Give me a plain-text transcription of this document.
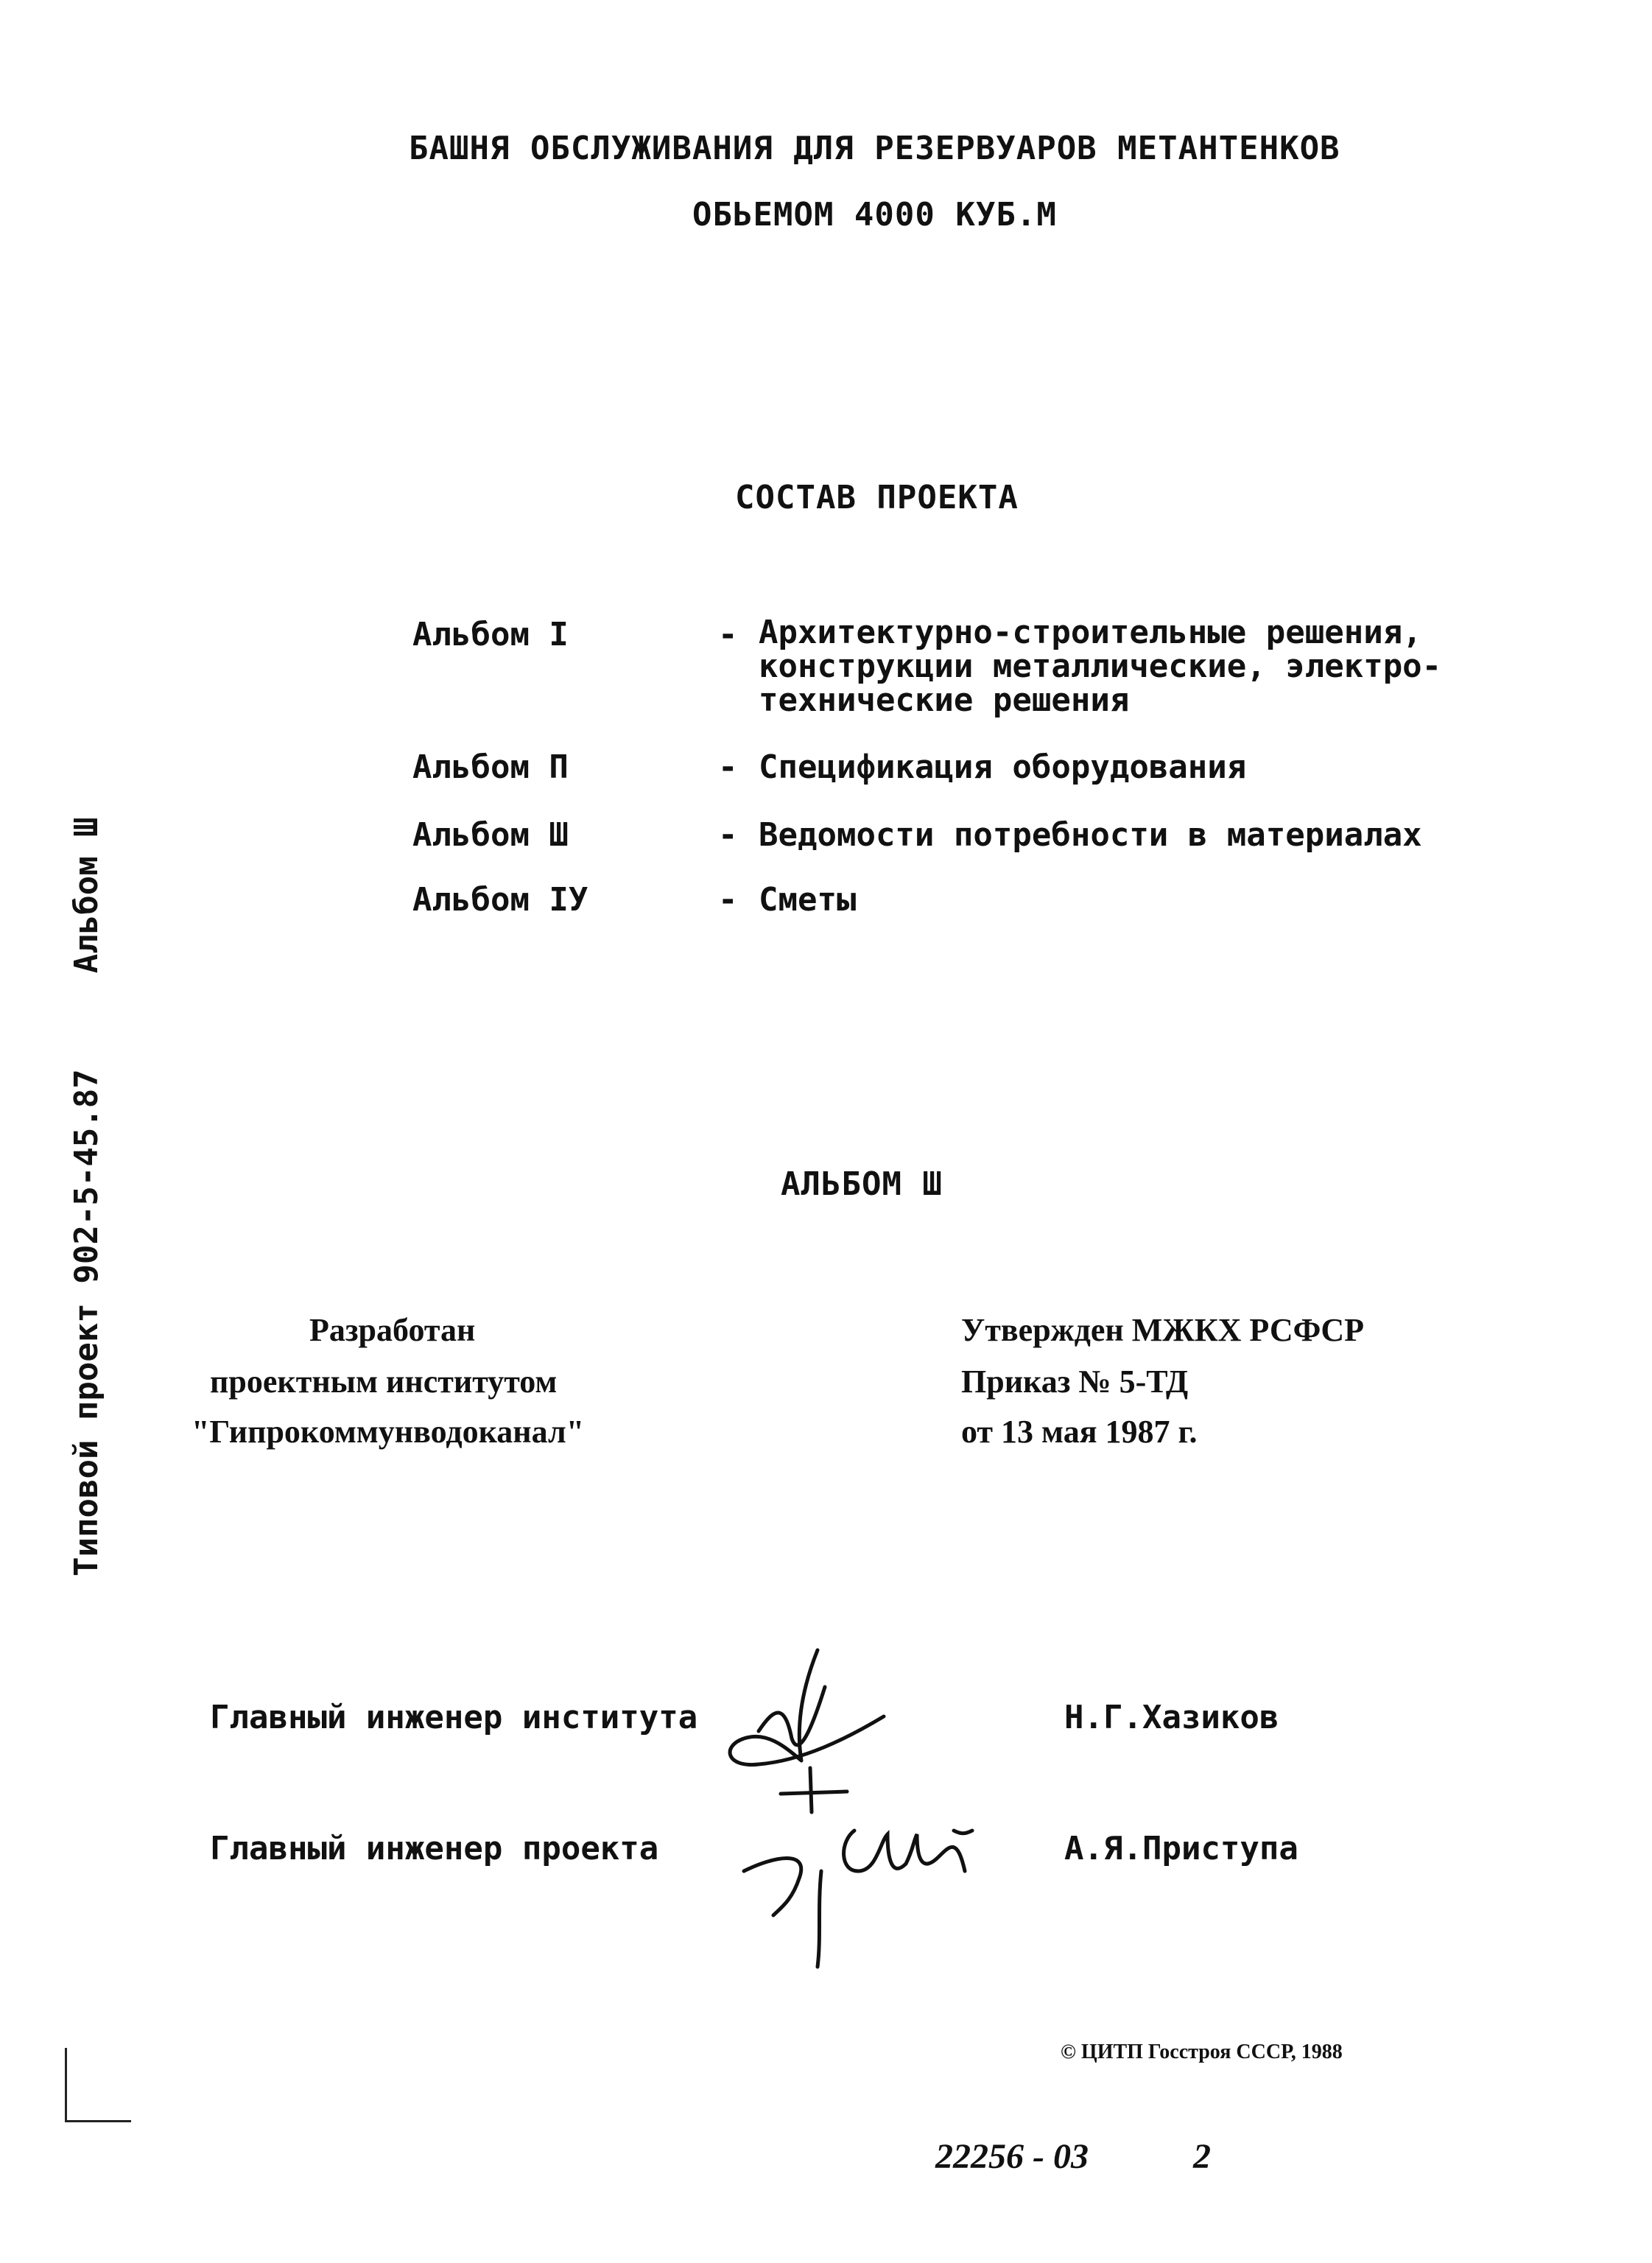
БАШНЯ ОБСЛУЖИВАНИЯ ДЛЯ РЕЗЕРВУАРОВ МЕТАНТЕНКОВ
ОБЬЕМОМ 4000 КУБ.М
СОСТАВ ПРОЕКТА
Альбом I	- Архитектурно-строительные решения,
конструкции металлические, электро-
технические решения
Альбом П	- Спецификация оборудования
Альбом Ш	- Ведомости потребности в материалах
Альбом IУ	- Сметы
АЛЬБОМ Ш
Разработан
проектным институтом
"Гипрокоммунводоканал"
Утвержден МЖКХ РСФСР
Приказ № 5-ТД
от 13 мая 1987 г.
Главный инженер института	Н.Г.Хазиков
Главный инженер проекта	А.Я.Приступа
Типовой проект 902-5-45.87Альбом Ш
© ЦИТП Госстроя СССР, 1988
22256 - 03	2
